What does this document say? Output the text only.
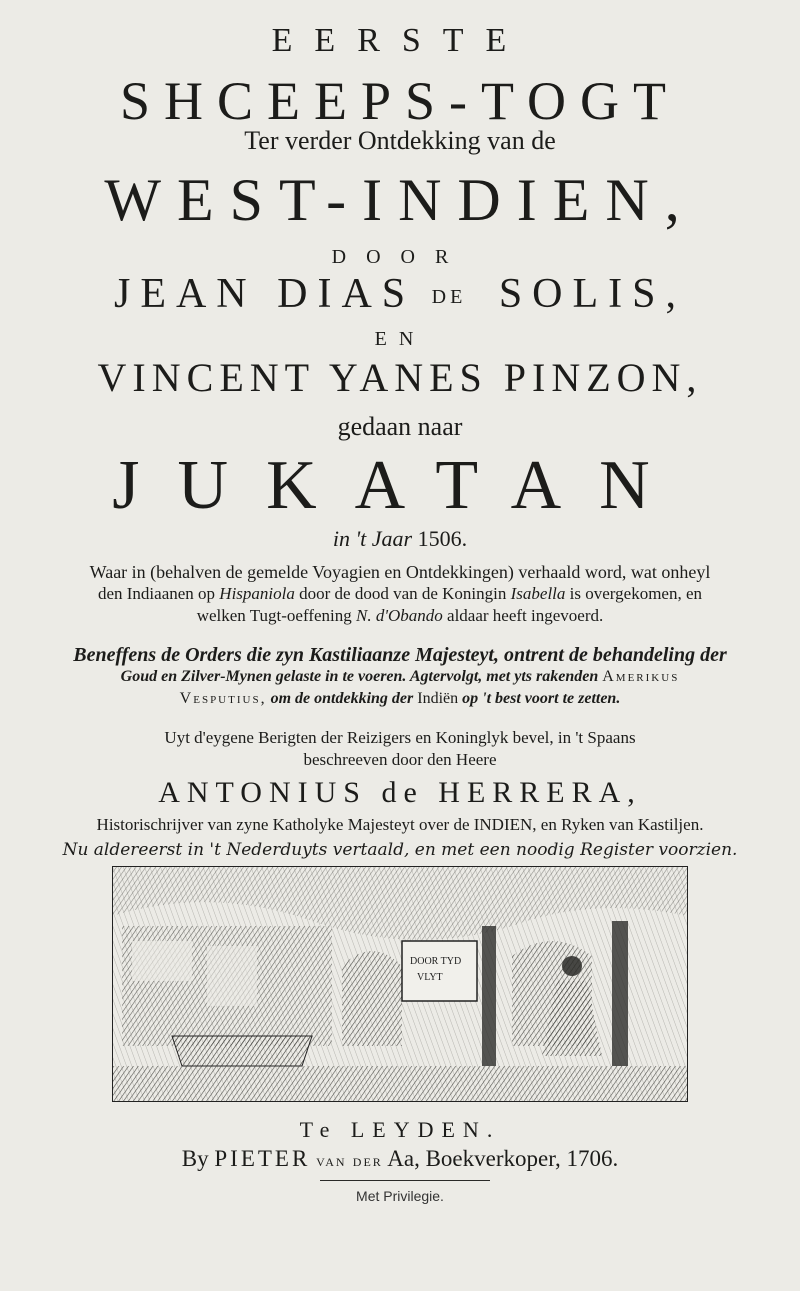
EERSTE
SHCEEPS-TOGT
Ter verder Ontdekking van de
WEST-INDIEN,
DOOR
JEAN DIAS DE SOLIS,
EN
VINCENT YANES PINZON,
gedaan naar
JUKATAN
in 't Jaar 1506.
Waar in (behalven de gemelde Voyagien en Ontdekkingen) verhaald word, wat onheyl
den Indiaanen op Hispaniola door de dood van de Koningin Isabella is overgekomen, en
welken Tugt-oeffening N. d'Obando aldaar heeft ingevoerd.
Beneffens de Orders die zyn Kastiliaanze Majesteyt, ontrent de behandeling der
Goud en Zilver-Mynen gelaste in te voeren. Agtervolgt, met yts rakenden Amerikus
Vesputius, om de ontdekking der Indiën op 't best voort te zetten.
Uyt d'eygene Berigten der Reizigers en Koninglyk bevel, in 't Spaans
beschreeven door den Heere
ANTONIUS de HERRERA,
Historischrijver van zyne Katholyke Majesteyt over de INDIEN, en Ryken van Kastiljen.
Nu aldereerst in 't Nederduyts vertaald, en met een noodig Register voorzien.
DOOR TYD
VLYT
Te LEYDEN.
By PIETER van der Aa, Boekverkoper, 1706.
Met Privilegie.
